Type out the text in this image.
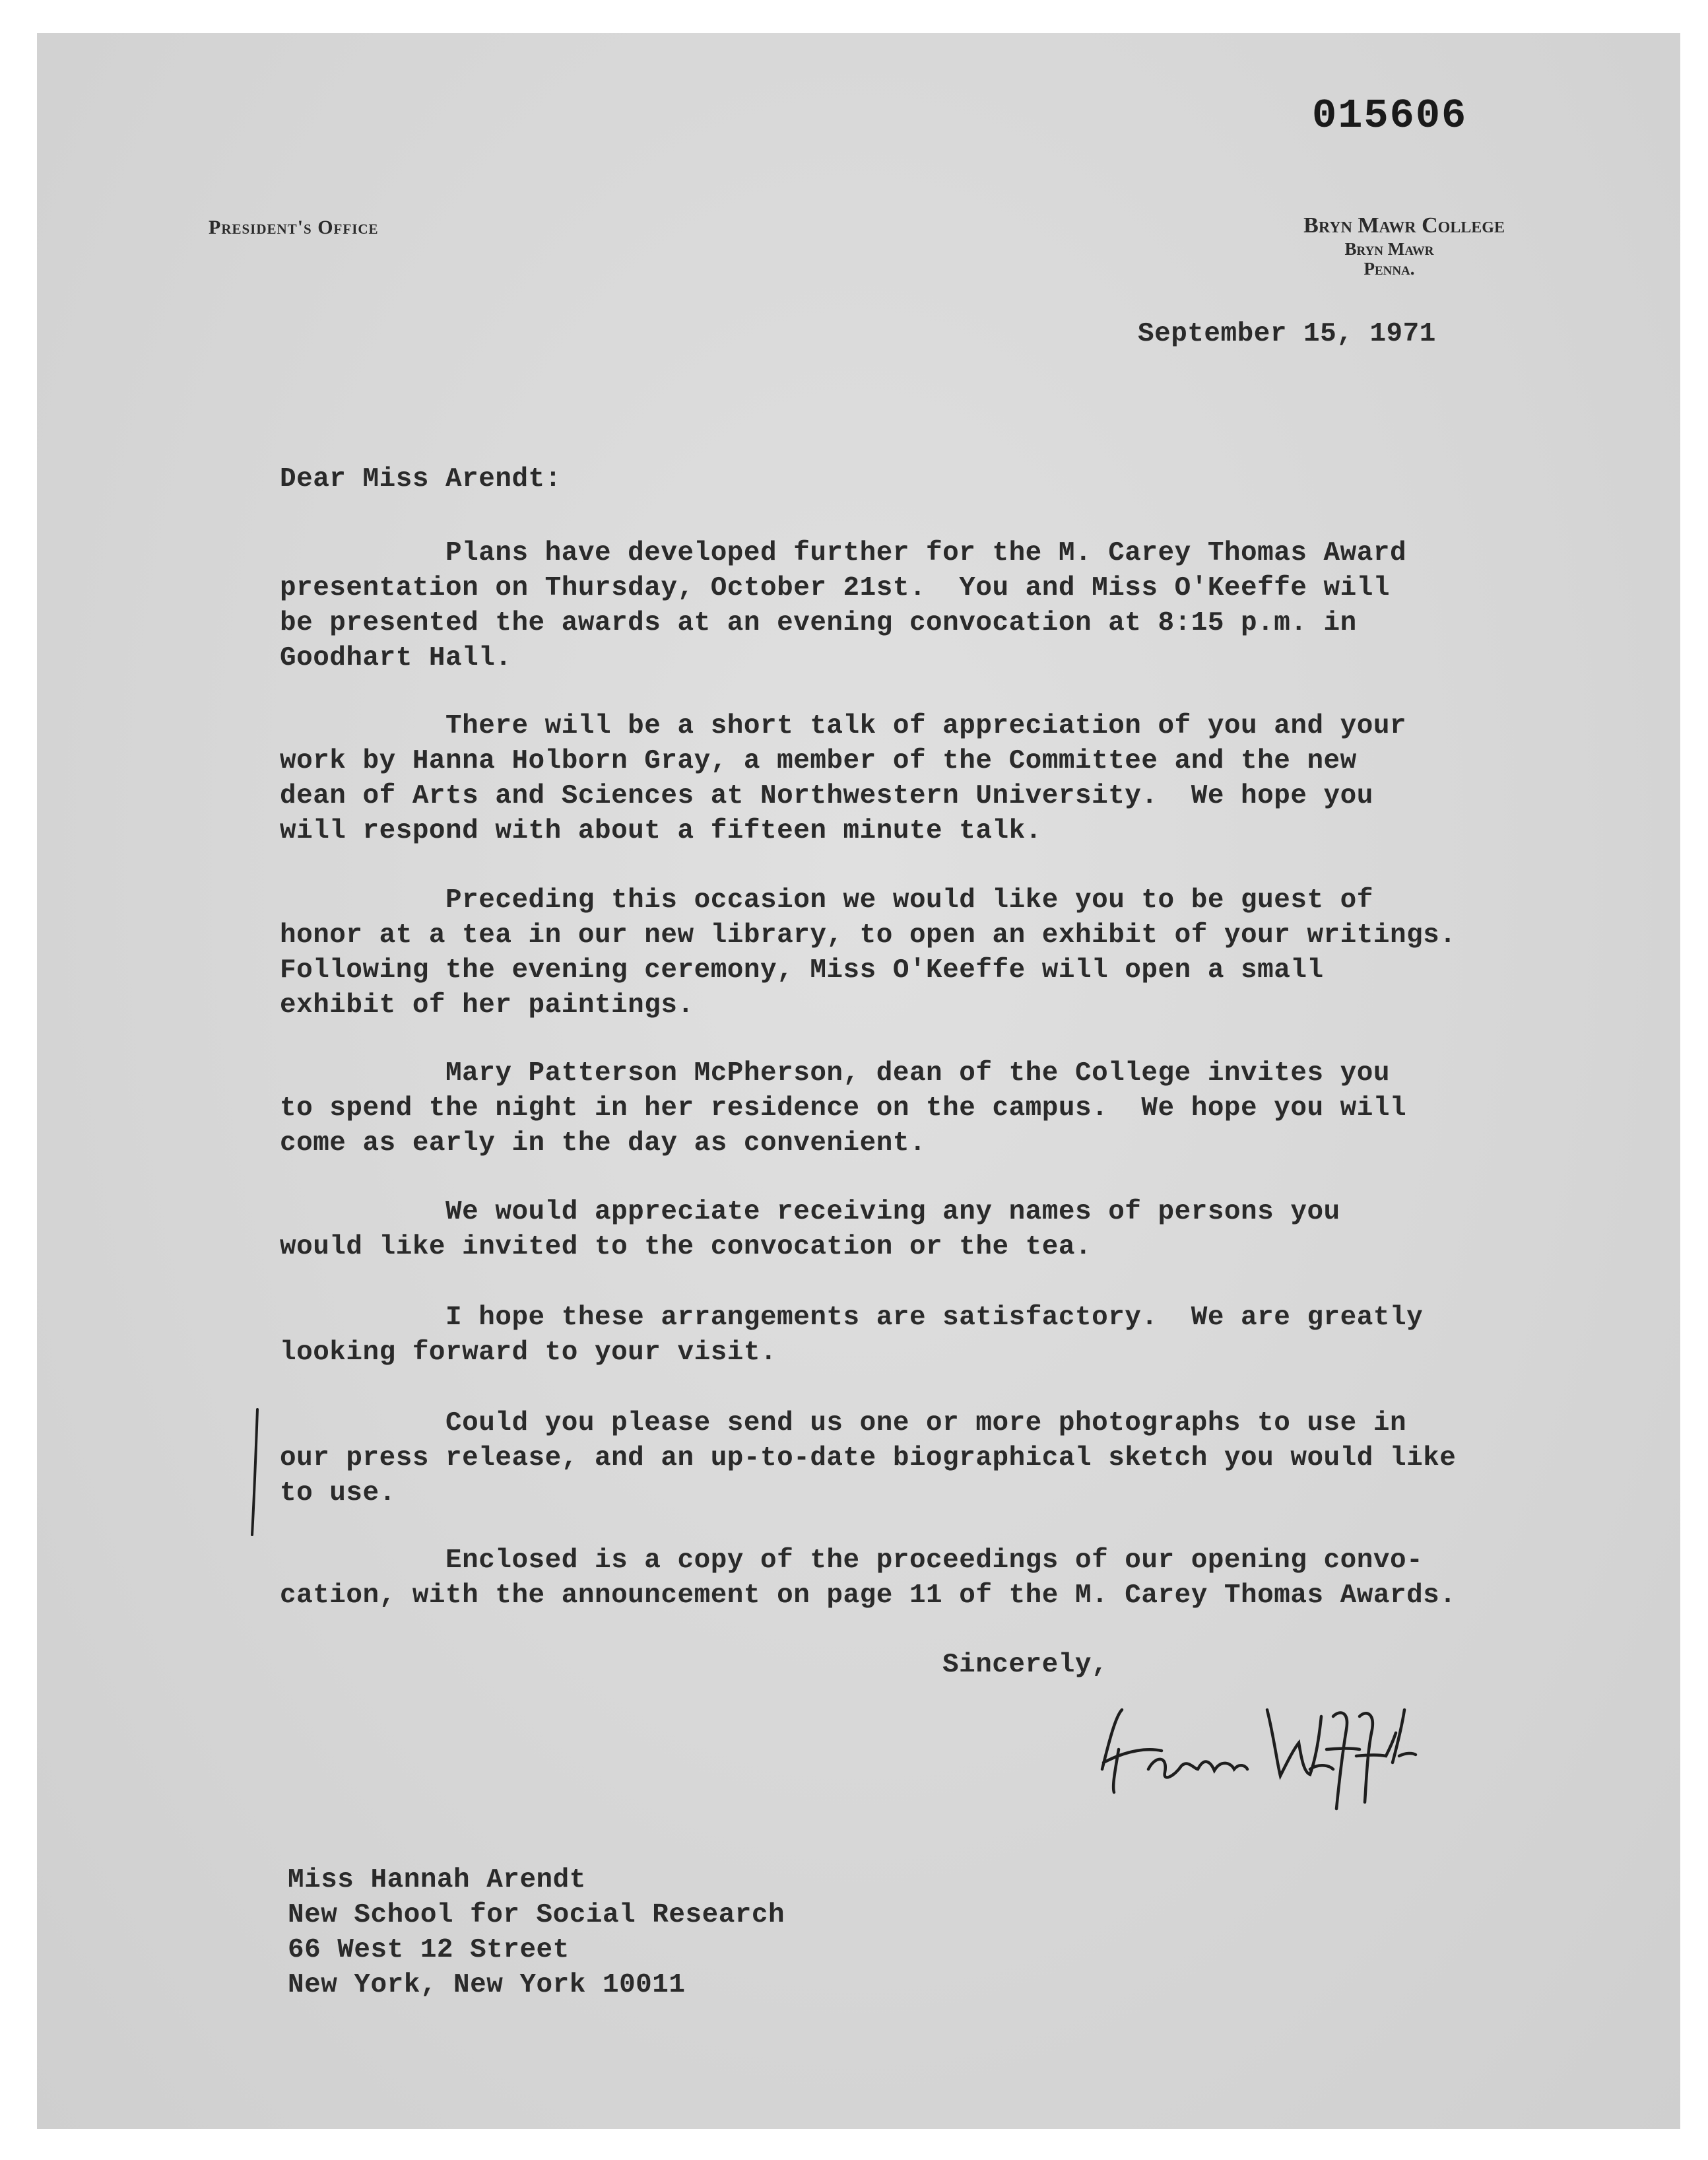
015606
President's Office	Bryn Mawr College
Bryn Mawr
Penna.
September 15, 1971
Dear Miss Arendt:
Plans have developed further for the M. Carey Thomas Award
presentation on Thursday, October 21st.  You and Miss O'Keeffe will
be presented the awards at an evening convocation at 8:15 p.m. in
Goodhart Hall.
There will be a short talk of appreciation of you and your
work by Hanna Holborn Gray, a member of the Committee and the new
dean of Arts and Sciences at Northwestern University.  We hope you
will respond with about a fifteen minute talk.
Preceding this occasion we would like you to be guest of
honor at a tea in our new library, to open an exhibit of your writings.
Following the evening ceremony, Miss O'Keeffe will open a small
exhibit of her paintings.
Mary Patterson McPherson, dean of the College invites you
to spend the night in her residence on the campus.  We hope you will
come as early in the day as convenient.
We would appreciate receiving any names of persons you
would like invited to the convocation or the tea.
I hope these arrangements are satisfactory.  We are greatly
looking forward to your visit.
Could you please send us one or more photographs to use in
our press release, and an up-to-date biographical sketch you would like
to use.
Enclosed is a copy of the proceedings of our opening convo-
cation, with the announcement on page 11 of the M. Carey Thomas Awards.
Sincerely,
Miss Hannah Arendt
New School for Social Research
66 West 12 Street
New York, New York 10011
